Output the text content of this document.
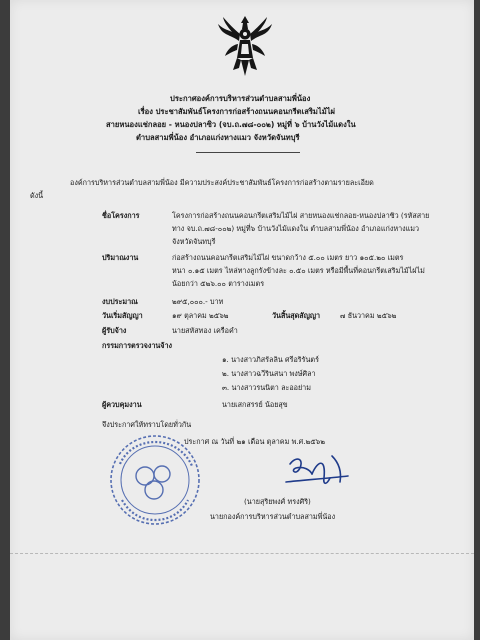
ประกาศองค์การบริหารส่วนตำบลสามพี่น้อง
เรื่อง ประชาสัมพันธ์โครงการก่อสร้างถนนคอนกรีตเสริมไม้ไผ่
สายหนองแช่กลอย - หนองปลาซิว (จบ.ถ.๗๘-๐๐๒) หมู่ที่ ๖ บ้านวังไม้แดงใน
ตำบลสามพี่น้อง อำเภอแก่งหางแมว จังหวัดจันทบุรี
องค์การบริหารส่วนตำบลสามพี่น้อง มีความประสงค์ประชาสัมพันธ์โครงการก่อสร้างตามรายละเอียด
ดังนี้
ชื่อโครงการ	โครงการก่อสร้างถนนคอนกรีตเสริมไม้ไผ่ สายหนองแช่กลอย-หนองปลาซิว (รหัสสาย
ทาง จบ.ถ.๗๘-๐๐๒) หมู่ที่๖ บ้านวังไม้แดงใน ตำบลสามพี่น้อง อำเภอแก่งหางแมว
จังหวัดจันทบุรี
ปริมาณงาน	ก่อสร้างถนนคอนกรีตเสริมไม้ไผ่ ขนาดกว้าง ๕.๐๐ เมตร ยาว ๑๐๕.๒๐ เมตร
หนา ๐.๑๕ เมตร ไหล่ทางลูกรังข้างละ ๐.๕๐ เมตร หรือมีพื้นที่คอนกรีตเสริมไม้ไผ่ไม่
น้อยกว่า ๕๒๖.๐๐ ตารางเมตร
งบประมาณ	๒๙๕,๐๐๐.- บาท
วันเริ่มสัญญา	๑๙ ตุลาคม ๒๕๖๒	วันสิ้นสุดสัญญา	๗ ธันวาคม ๒๕๖๒
ผู้รับจ้าง	นายสหัสทอง เครือคำ
กรรมการตรวจงานจ้าง
๑. นางสาวภิสรัลลิน ศรีอริรันตร์
๒. นางสาวฉวีรินสนา พงษ์ศิลา
๓. นางสาวรนนิตา ละออย่าม
ผู้ควบคุมงาน	นายเสกสรรย์ น้อยสุข
จึงประกาศให้ทราบโดยทั่วกัน
ประกาศ ณ วันที่ ๒๑ เดือน ตุลาคม พ.ศ.๒๕๖๒
(นายสุริยพงศ์ ทรงศิริ)
นายกองค์การบริหารส่วนตำบลสามพี่น้อง
